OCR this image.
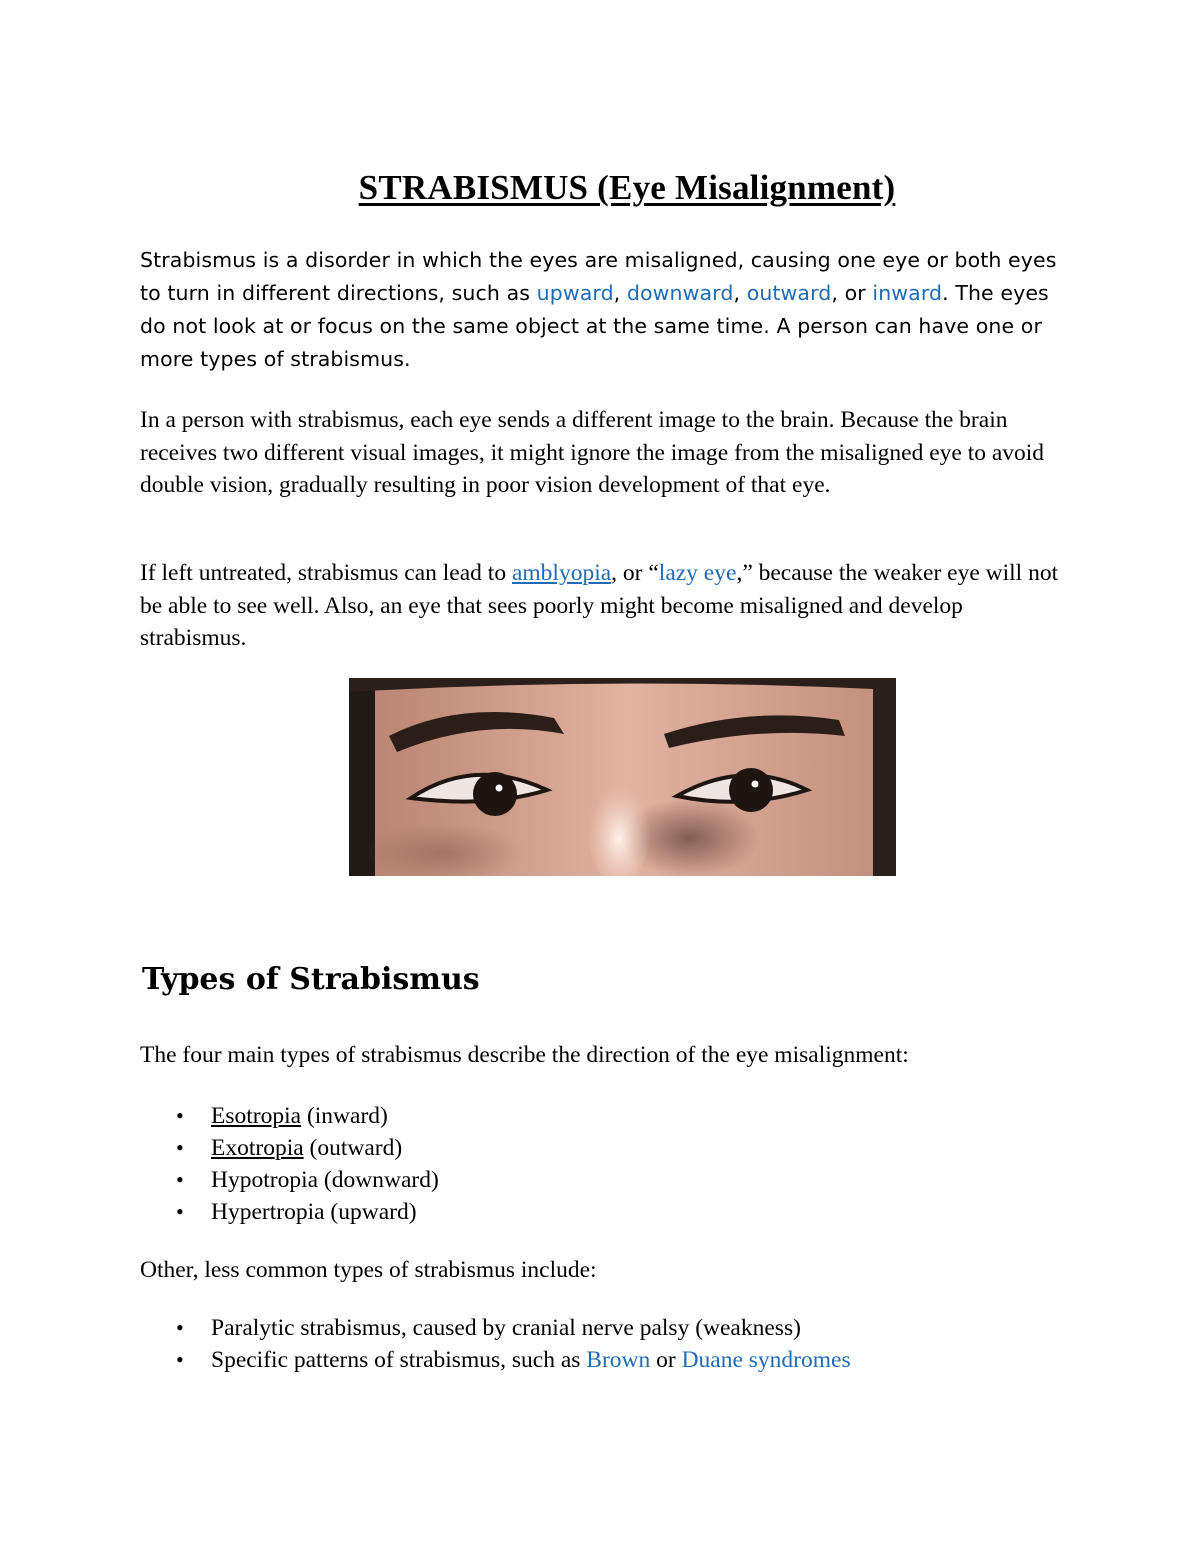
STRABISMUS (Eye Misalignment)

Strabismus is a disorder in which the eyes are misaligned, causing one eye or both eyes to turn in different directions, such as upward, downward, outward, or inward. The eyes do not look at or focus on the same object at the same time. A person can have one or more types of strabismus.

In a person with strabismus, each eye sends a different image to the brain. Because the brain receives two different visual images, it might ignore the image from the misaligned eye to avoid double vision, gradually resulting in poor vision development of that eye.

If left untreated, strabismus can lead to amblyopia, or “lazy eye,” because the weaker eye will not be able to see well. Also, an eye that sees poorly might become misaligned and develop strabismus.

Types of Strabismus

The four main types of strabismus describe the direction of the eye misalignment:

• Esotropia (inward)
• Exotropia (outward)
• Hypotropia (downward)
• Hypertropia (upward)

Other, less common types of strabismus include:

• Paralytic strabismus, caused by cranial nerve palsy (weakness)
• Specific patterns of strabismus, such as Brown or Duane syndromes
